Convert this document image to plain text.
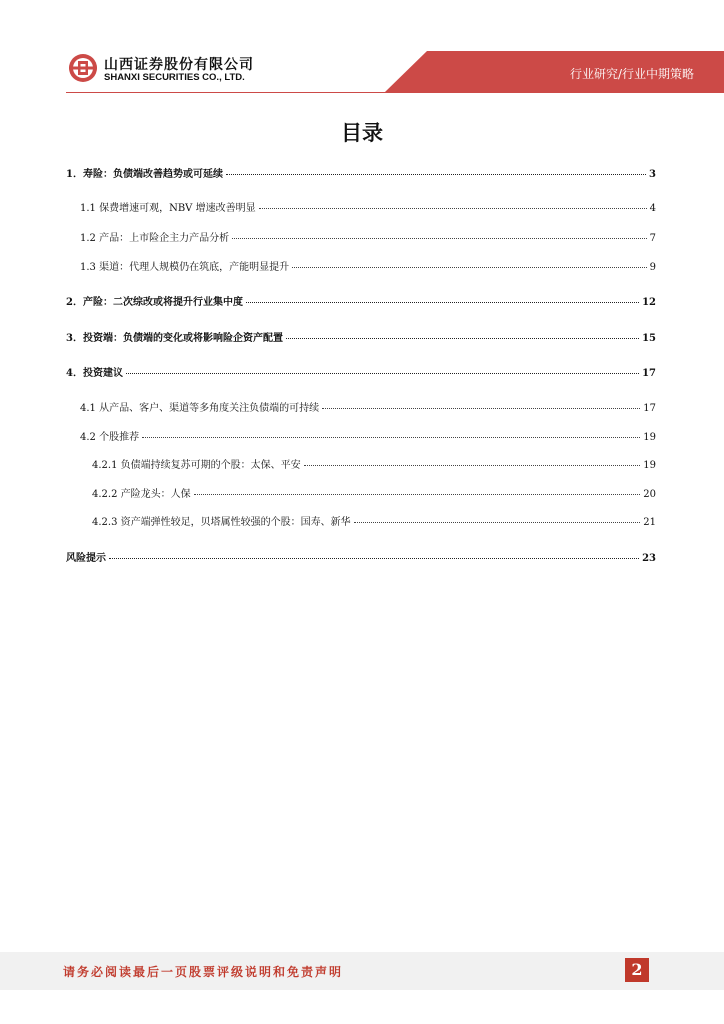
山西证券股份有限公司
SHANXI SECURITIES CO., LTD.	行业研究/行业中期策略
目录
1．寿险：负债端改善趋势或可延续	3
1.1 保费增速可观，NBV 增速改善明显	4
1.2 产品：上市险企主力产品分析	7
1.3 渠道：代理人规模仍在筑底，产能明显提升	9
2．产险：二次综改或将提升行业集中度	12
3．投资端：负债端的变化或将影响险企资产配置	15
4．投资建议	17
4.1 从产品、客户、渠道等多角度关注负债端的可持续	17
4.2 个股推荐	19
4.2.1 负债端持续复苏可期的个股：太保、平安	19
4.2.2 产险龙头：人保	20
4.2.3 资产端弹性较足，贝塔属性较强的个股：国寿、新华	21
风险提示	23
请务必阅读最后一页股票评级说明和免责声明	2
